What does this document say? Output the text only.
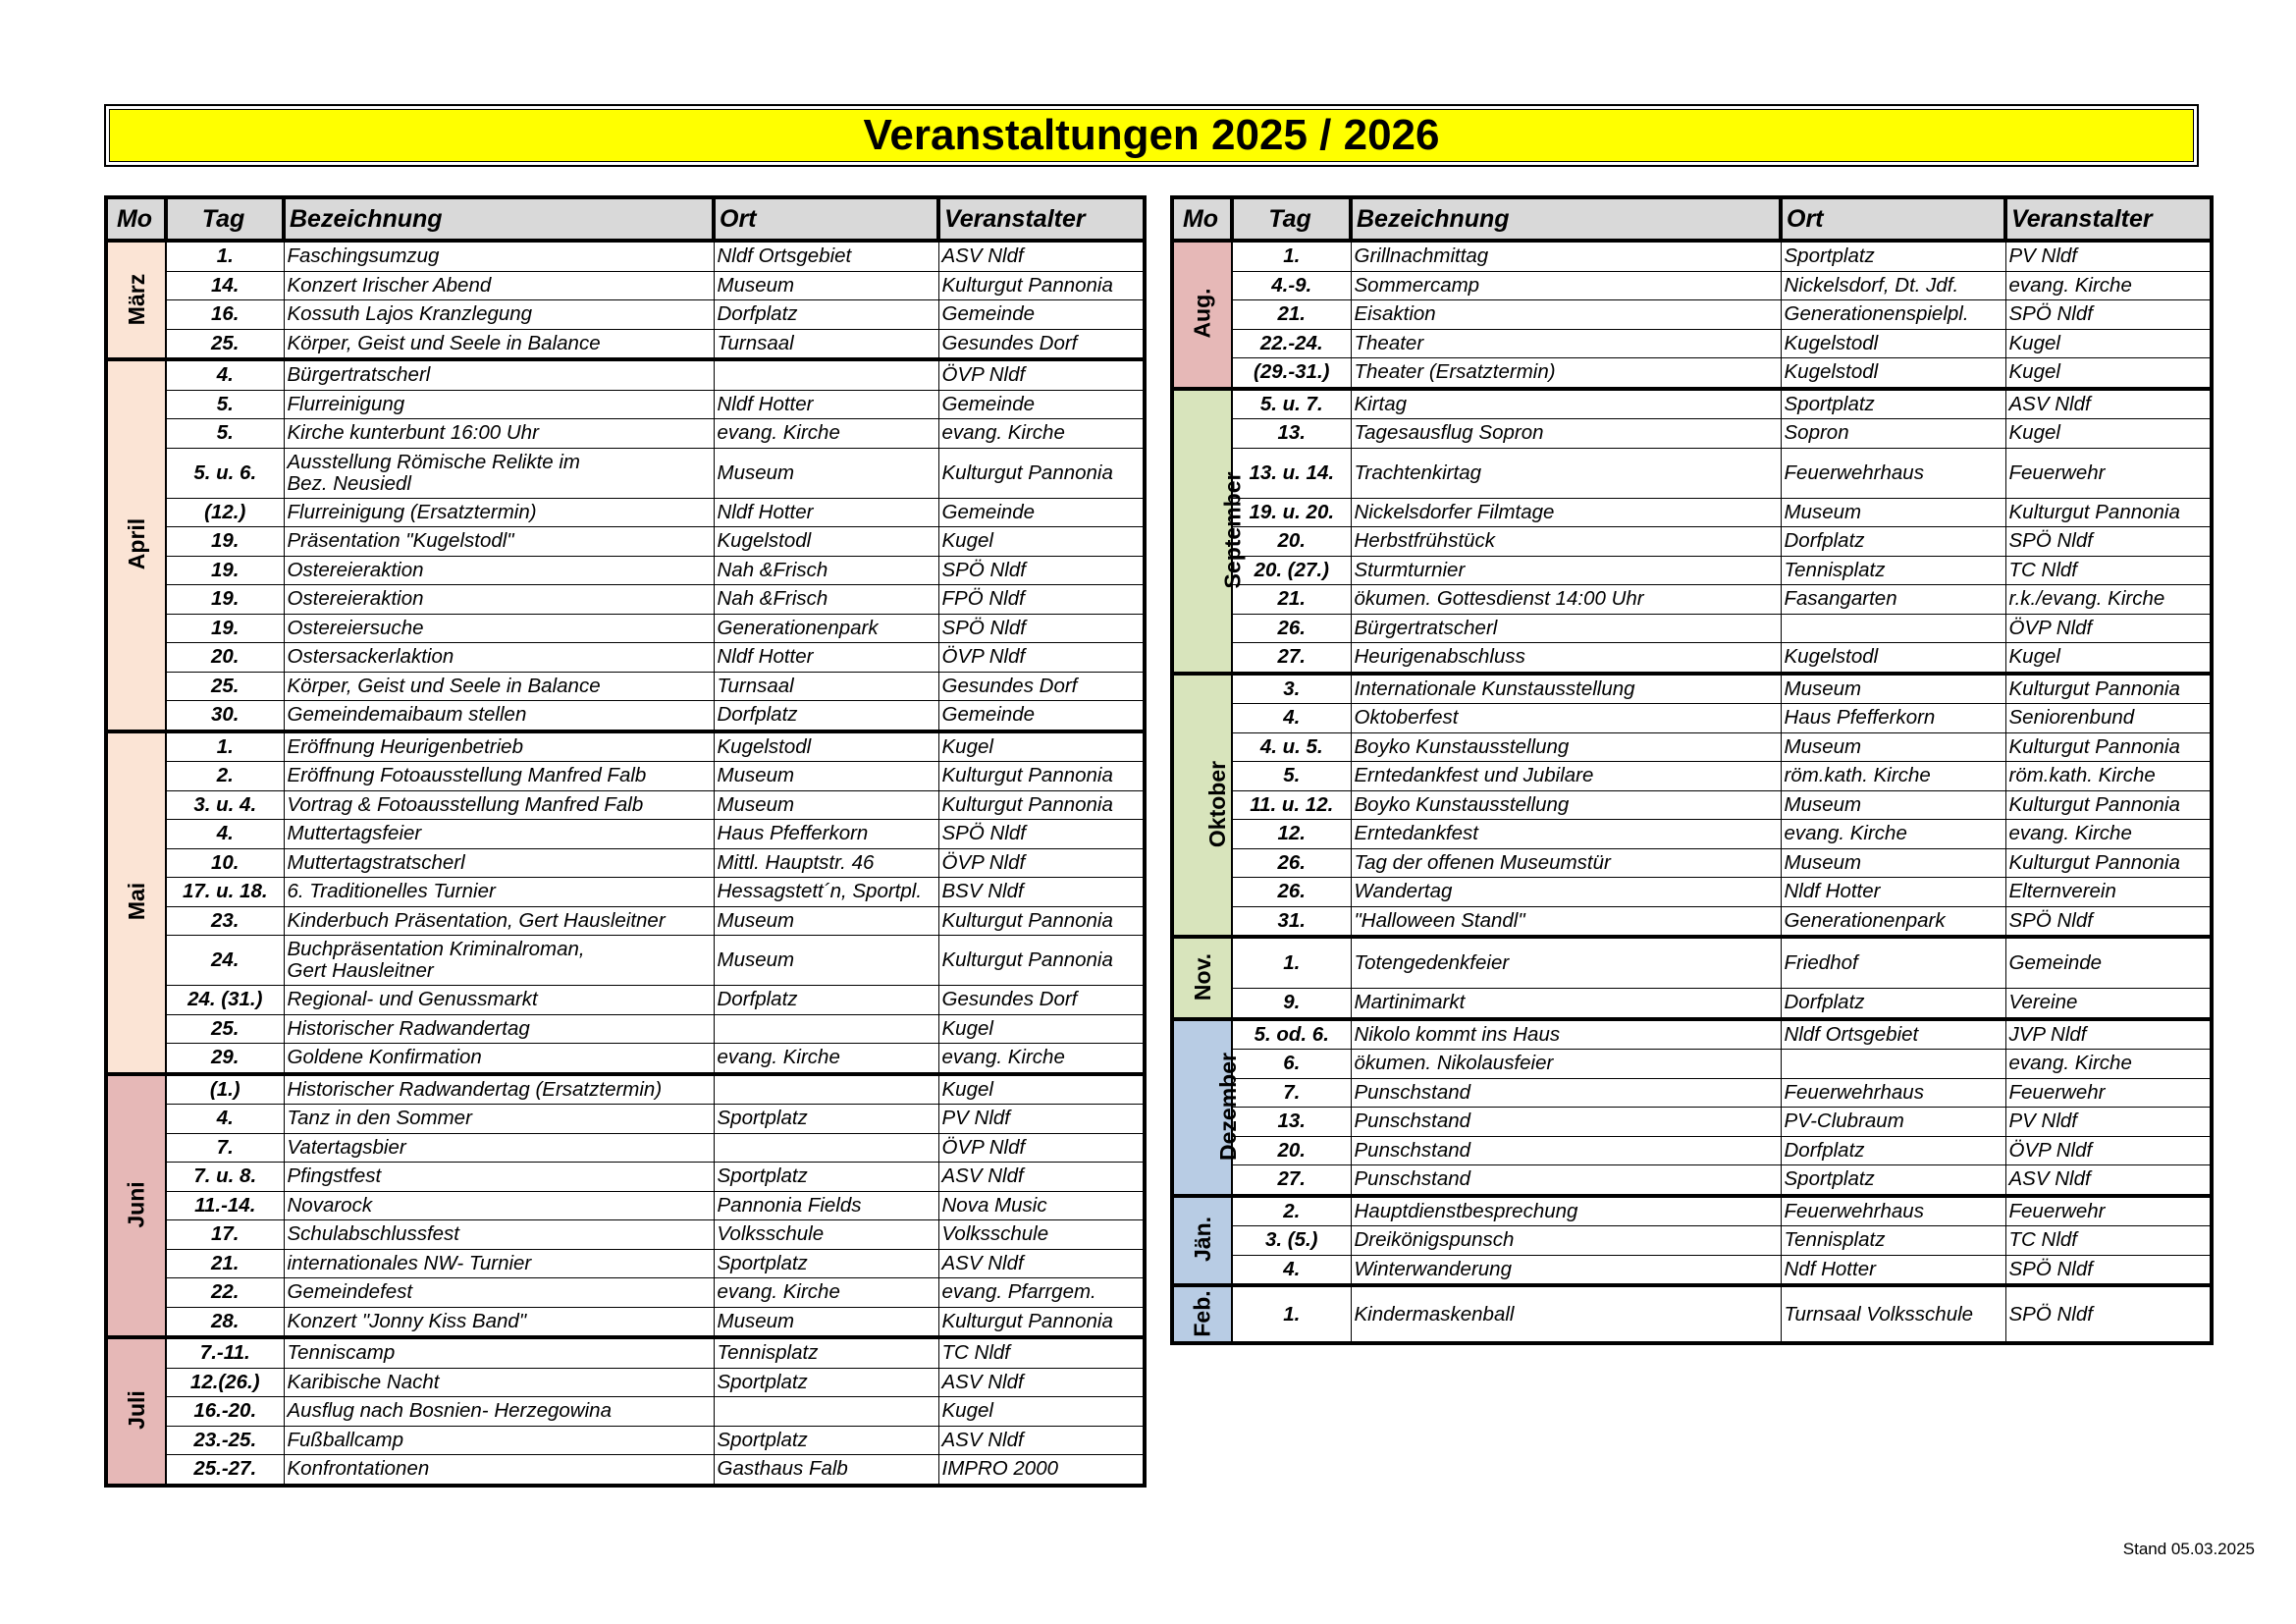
Veranstaltungen 2025 / 2026
Mo	Tag	Bezeichnung	Ort	Veranstalter
März	1.	Faschingsumzug	Nldf Ortsgebiet	ASV Nldf
	14.	Konzert Irischer Abend	Museum	Kulturgut Pannonia
	16.	Kossuth Lajos Kranzlegung	Dorfplatz	Gemeinde
	25.	Körper, Geist und Seele in Balance	Turnsaal	Gesundes Dorf
April	4.	Bürgertratscherl		ÖVP Nldf
	5.	Flurreinigung	Nldf Hotter	Gemeinde
	5.	Kirche kunterbunt 16:00 Uhr	evang. Kirche	evang. Kirche
	5. u. 6.	Ausstellung Römische Relikte im
Bez. Neusiedl	Museum	Kulturgut Pannonia
	(12.)	Flurreinigung (Ersatztermin)	Nldf Hotter	Gemeinde
	19.	Präsentation "Kugelstodl"	Kugelstodl	Kugel
	19.	Ostereieraktion	Nah &Frisch	SPÖ Nldf
	19.	Ostereieraktion	Nah &Frisch	FPÖ Nldf
	19.	Ostereiersuche	Generationenpark	SPÖ Nldf
	20.	Ostersackerlaktion	Nldf Hotter	ÖVP Nldf
	25.	Körper, Geist und Seele in Balance	Turnsaal	Gesundes Dorf
	30.	Gemeindemaibaum stellen	Dorfplatz	Gemeinde
Mai	1.	Eröffnung Heurigenbetrieb	Kugelstodl	Kugel
	2.	Eröffnung Fotoausstellung Manfred Falb	Museum	Kulturgut Pannonia
	3. u. 4.	Vortrag & Fotoausstellung Manfred Falb	Museum	Kulturgut Pannonia
	4.	Muttertagsfeier	Haus Pfefferkorn	SPÖ Nldf
	10.	Muttertagstratscherl	Mittl. Hauptstr. 46	ÖVP Nldf
	17. u. 18.	6. Traditionelles Turnier	Hessagstett´n, Sportpl.	BSV Nldf
	23.	Kinderbuch Präsentation, Gert Hausleitner	Museum	Kulturgut Pannonia
	24.	Buchpräsentation Kriminalroman,
Gert Hausleitner	Museum	Kulturgut Pannonia
	24. (31.)	Regional- und Genussmarkt	Dorfplatz	Gesundes Dorf
	25.	Historischer Radwandertag		Kugel
	29.	Goldene Konfirmation	evang. Kirche	evang. Kirche
Juni	(1.)	Historischer Radwandertag (Ersatztermin)		Kugel
	4.	Tanz in den Sommer	Sportplatz	PV Nldf
	7.	Vatertagsbier		ÖVP Nldf
	7. u. 8.	Pfingstfest	Sportplatz	ASV Nldf
	11.-14.	Novarock	Pannonia Fields	Nova Music
	17.	Schulabschlussfest	Volksschule	Volksschule
	21.	internationales NW- Turnier	Sportplatz	ASV Nldf
	22.	Gemeindefest	evang. Kirche	evang. Pfarrgem.
	28.	Konzert "Jonny Kiss Band"	Museum	Kulturgut Pannonia
Juli	7.-11.	Tenniscamp	Tennisplatz	TC Nldf
	12.(26.)	Karibische Nacht	Sportplatz	ASV Nldf
	16.-20.	Ausflug nach Bosnien- Herzegowina		Kugel
	23.-25.	Fußballcamp	Sportplatz	ASV Nldf
	25.-27.	Konfrontationen	Gasthaus Falb	IMPRO 2000
Mo	Tag	Bezeichnung	Ort	Veranstalter
Aug.	1.	Grillnachmittag	Sportplatz	PV Nldf
	4.-9.	Sommercamp	Nickelsdorf, Dt. Jdf.	evang. Kirche
	21.	Eisaktion	Generationenspielpl.	SPÖ Nldf
	22.-24.	Theater	Kugelstodl	Kugel
	(29.-31.)	Theater (Ersatztermin)	Kugelstodl	Kugel
September	5. u. 7.	Kirtag	Sportplatz	ASV Nldf
	13.	Tagesausflug Sopron	Sopron	Kugel
	13. u. 14.	Trachtenkirtag	Feuerwehrhaus	Feuerwehr
	19. u. 20.	Nickelsdorfer Filmtage	Museum	Kulturgut Pannonia
	20.	Herbstfrühstück	Dorfplatz	SPÖ Nldf
	20. (27.)	Sturmturnier	Tennisplatz	TC Nldf
	21.	ökumen. Gottesdienst 14:00 Uhr	Fasangarten	r.k./evang. Kirche
	26.	Bürgertratscherl		ÖVP Nldf
	27.	Heurigenabschluss	Kugelstodl	Kugel
Oktober	3.	Internationale Kunstausstellung	Museum	Kulturgut Pannonia
	4.	Oktoberfest	Haus Pfefferkorn	Seniorenbund
	4. u. 5.	Boyko Kunstausstellung	Museum	Kulturgut Pannonia
	5.	Erntedankfest und Jubilare	röm.kath. Kirche	röm.kath. Kirche
	11. u. 12.	Boyko Kunstausstellung	Museum	Kulturgut Pannonia
	12.	Erntedankfest	evang. Kirche	evang. Kirche
	26.	Tag der offenen Museumstür	Museum	Kulturgut Pannonia
	26.	Wandertag	Nldf Hotter	Elternverein
	31.	"Halloween Standl"	Generationenpark	SPÖ Nldf
Nov.	1.	Totengedenkfeier	Friedhof	Gemeinde
	9.	Martinimarkt	Dorfplatz	Vereine
Dezember	5. od. 6.	Nikolo kommt ins Haus	Nldf Ortsgebiet	JVP Nldf
	6.	ökumen. Nikolausfeier		evang. Kirche
	7.	Punschstand	Feuerwehrhaus	Feuerwehr
	13.	Punschstand	PV-Clubraum	PV Nldf
	20.	Punschstand	Dorfplatz	ÖVP Nldf
	27.	Punschstand	Sportplatz	ASV Nldf
Jän.	2.	Hauptdienstbesprechung	Feuerwehrhaus	Feuerwehr
	3. (5.)	Dreikönigspunsch	Tennisplatz	TC Nldf
	4.	Winterwanderung	Ndf Hotter	SPÖ Nldf
Feb.	1.	Kindermaskenball	Turnsaal Volksschule	SPÖ Nldf
Stand 05.03.2025
